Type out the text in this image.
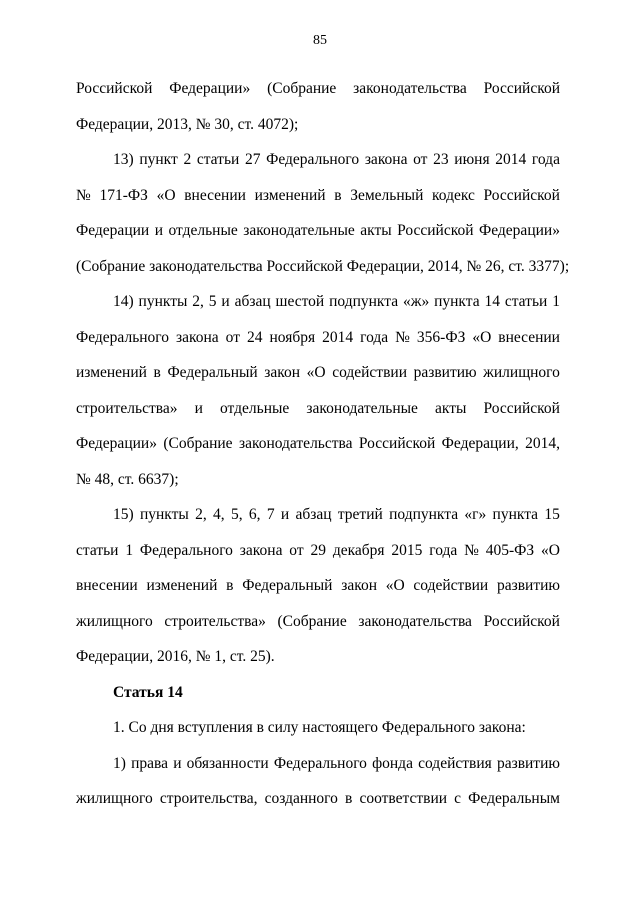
85
Российской Федерации» (Собрание законодательства Российской
Федерации, 2013, № 30, ст. 4072);
13) пункт 2 статьи 27 Федерального закона от 23 июня 2014 года
№ 171-ФЗ «О внесении изменений в Земельный кодекс Российской
Федерации и отдельные законодательные акты Российской Федерации»
(Собрание законодательства Российской Федерации, 2014, № 26, ст. 3377);
14) пункты 2, 5 и абзац шестой подпункта «ж» пункта 14 статьи 1
Федерального закона от 24 ноября 2014 года № 356-ФЗ «О внесении
изменений в Федеральный закон «О содействии развитию жилищного
строительства» и отдельные законодательные акты Российской
Федерации» (Собрание законодательства Российской Федерации, 2014,
№ 48, ст. 6637);
15) пункты 2, 4, 5, 6, 7 и абзац третий подпункта «г» пункта 15
статьи 1 Федерального закона от 29 декабря 2015 года № 405-ФЗ «О
внесении изменений в Федеральный закон «О содействии развитию
жилищного строительства» (Собрание законодательства Российской
Федерации, 2016, № 1, ст. 25).
Статья 14
1. Со дня вступления в силу настоящего Федерального закона:
1) права и обязанности Федерального фонда содействия развитию
жилищного строительства, созданного в соответствии с Федеральным
